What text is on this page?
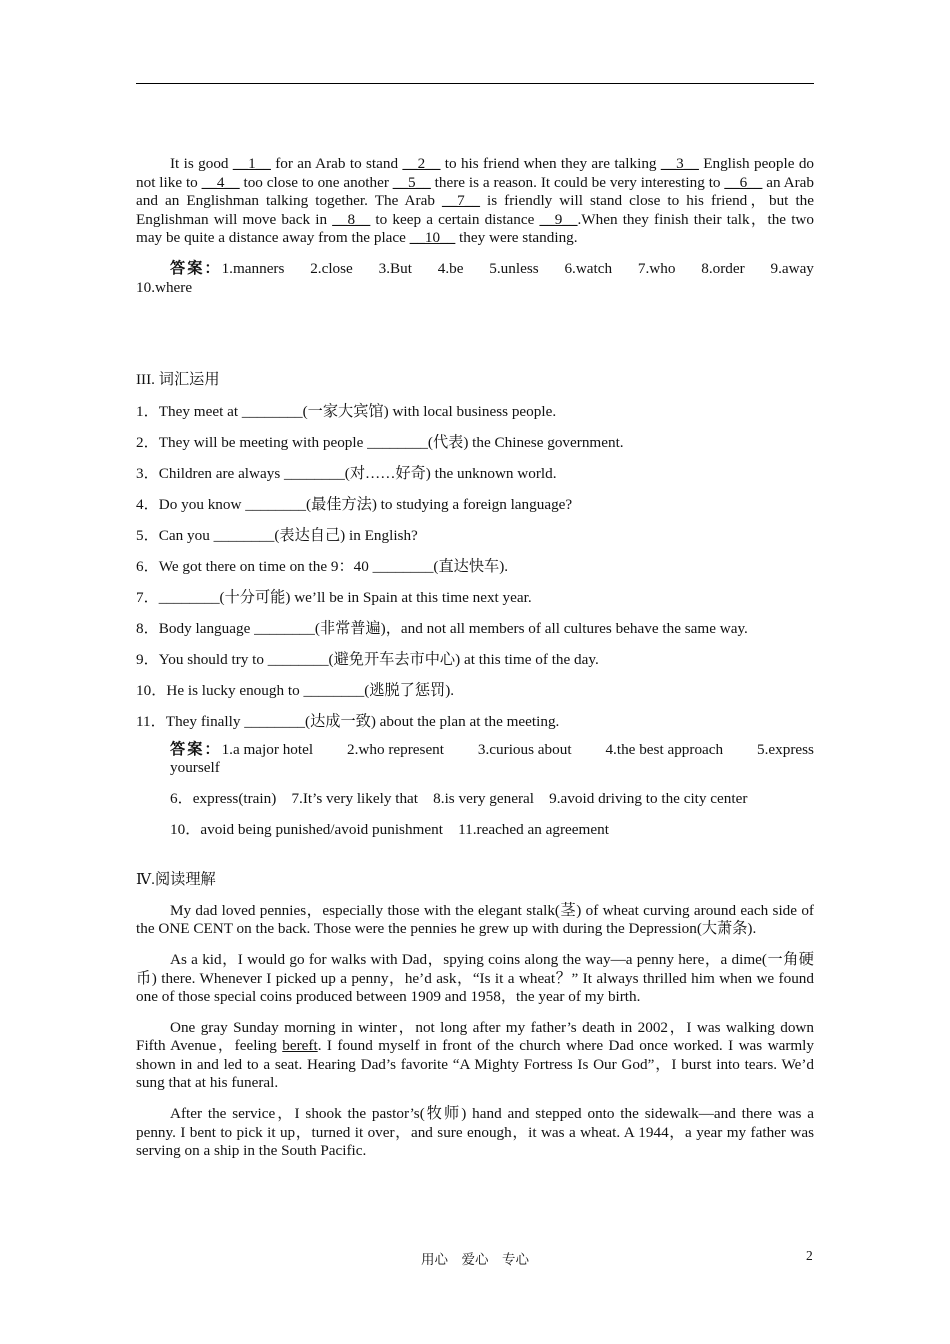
It is good __1__ for an Arab to stand __2__ to his friend when they are talking __3__ English people do not like to __4__ too close to one another __5__ there is a reason. It could be very interesting to __6__ an Arab and an Englishman talking together. The Arab __7__ is friendly will stand close to his friend，but the Englishman will move back in __8__ to keep a certain distance __9__.When they finish their talk，the two may be quite a distance away from the place __10__ they were standing.

答案：1.manners 2.close 3.But 4.be 5.unless 6.watch 7.who 8.order 9.away
10.where

III. 词汇运用

1．They meet at ________(一家大宾馆) with local business people.

2．They will be meeting with people ________(代表) the Chinese government.

3．Children are always ________(对……好奇) the unknown world.

4．Do you know ________(最佳方法) to studying a foreign language?

5．Can you ________(表达自己) in English?

6．We got there on time on the 9：40 ________(直达快车).

7．________(十分可能) we’ll be in Spain at this time next year.

8．Body language ________(非常普遍)，and not all members of all cultures behave the same way.

9．You should try to ________(避免开车去市中心) at this time of the day.

10．He is lucky enough to ________(逃脱了惩罚).

11．They finally ________(达成一致) about the plan at the meeting.

答案：1.a major hotel 2.who represent 3.curious about 4.the best approach 5.express
yourself
6．express(train)　7.It’s very likely that　8.is very general　9.avoid driving to the city center
10．avoid being punished/avoid punishment　11.reached an agreement

Ⅳ.阅读理解

My dad loved pennies，especially those with the elegant stalk(茎) of wheat curving around each side of the ONE CENT on the back. Those were the pennies he grew up with during the Depression(大萧条).

As a kid，I would go for walks with Dad，spying coins along the way—a penny here，a dime(一角硬币) there. Whenever I picked up a penny，he’d ask，“Is it a wheat？” It always thrilled him when we found one of those special coins produced between 1909 and 1958，the year of my birth.

One gray Sunday morning in winter，not long after my father’s death in 2002，I was walking down Fifth Avenue，feeling bereft. I found myself in front of the church where Dad once worked. I was warmly shown in and led to a seat. Hearing Dad’s favorite “A Mighty Fortress Is Our God”，I burst into tears. We’d sung that at his funeral.

After the service，I shook the pastor’s(牧师) hand and stepped onto the sidewalk—and there was a penny. I bent to pick it up，turned it over，and sure enough，it was a wheat. A 1944，a year my father was serving on a ship in the South Pacific.

用心　爱心　专心	2
